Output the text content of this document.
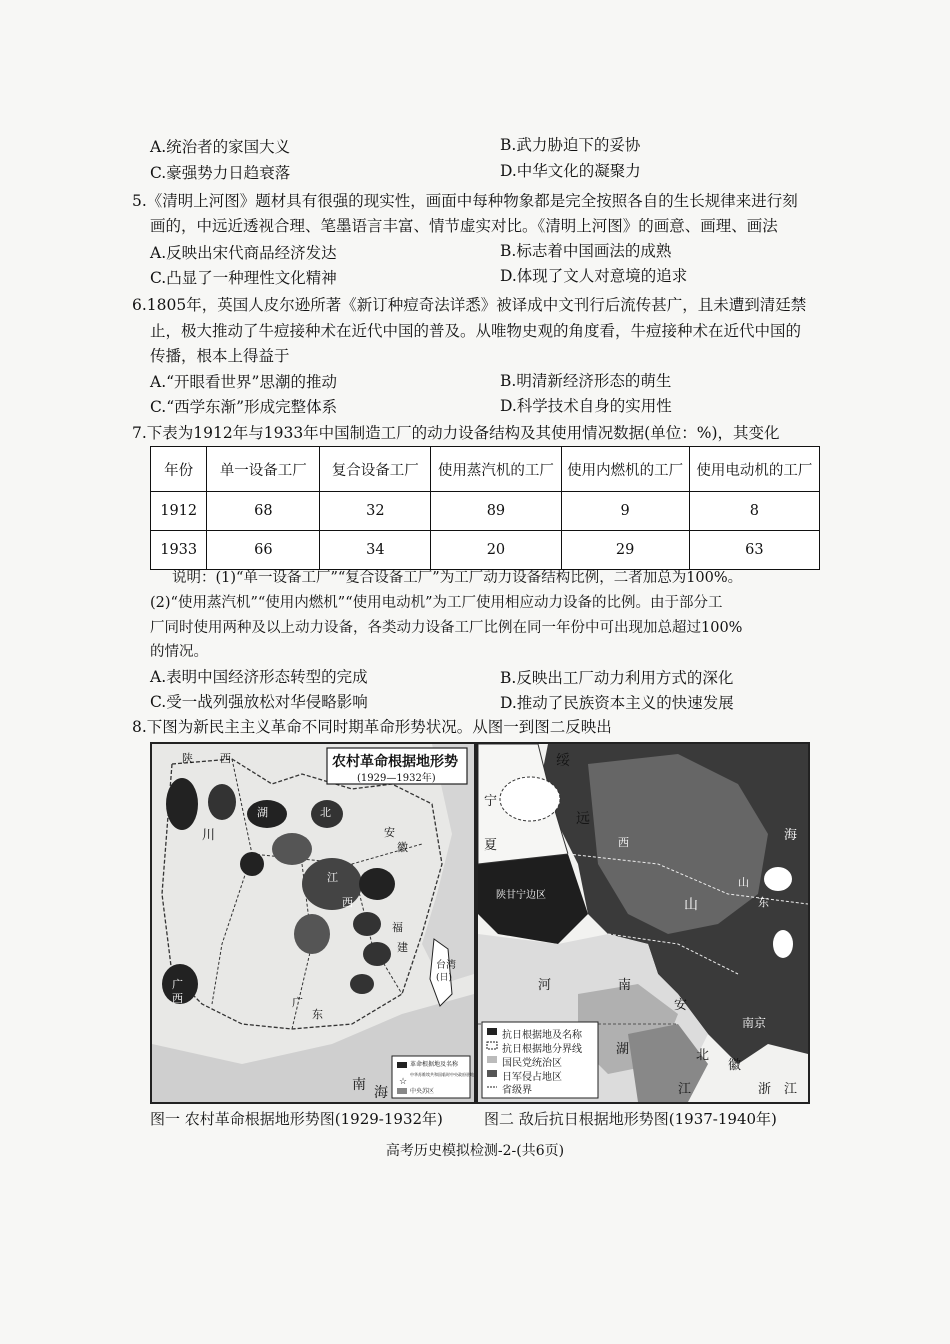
A.统治者的家国大义	B.武力胁迫下的妥协
C.豪强势力日趋衰落	D.中华文化的凝聚力
5.《清明上河图》题材具有很强的现实性，画面中每种物象都是完全按照各自的生长规律来进行刻
画的，中远近透视合理、笔墨语言丰富、情节虚实对比。《清明上河图》的画意、画理、画法
A.反映出宋代商品经济发达	B.标志着中国画法的成熟
C.凸显了一种理性文化精神	D.体现了文人对意境的追求
6.1805年，英国人皮尔逊所著《新订种痘奇法详悉》被译成中文刊行后流传甚广，且未遭到清廷禁
止，极大推动了牛痘接种术在近代中国的普及。从唯物史观的角度看，牛痘接种术在近代中国的
传播，根本上得益于
A.“开眼看世界”思潮的推动	B.明清新经济形态的萌生
C.“西学东渐”形成完整体系	D.科学技术自身的实用性
7.下表为1912年与1933年中国制造工厂的动力设备结构及其使用情况数据(单位：%)，其变化
年份	单一设备工厂	复合设备工厂	使用蒸汽机的工厂	使用内燃机的工厂	使用电动机的工厂
1912	68	32	89	9	8
1933	66	34	20	29	63
说明：(1)“单一设备工厂”“复合设备工厂”为工厂动力设备结构比例，二者加总为100%。
(2)“使用蒸汽机”“使用内燃机”“使用电动机”为工厂使用相应动力设备的比例。由于部分工
厂同时使用两种及以上动力设备，各类动力设备工厂比例在同一年份中可出现加总超过100%
的情况。
A.表明中国经济形态转型的完成	B.反映出工厂动力利用方式的深化
C.受一战列强放松对华侵略影响	D.推动了民族资本主义的快速发展
8.下图为新民主主义革命不同时期革命形势状况。从图一到图二反映出
☆
农村革命根据地形势
(1929—1932年)
陕 西
川
湖	北
安
徽
江
西
福
建
广
东
广
西
南 海
台湾
(日)
革命根据地及名称
中华苏维埃共和国临时中央政府驻地
中央苏区
绥
远
宁
夏
陕甘宁边区
山
西
河	南
山
东
安
徽
湖	北
江	浙 江
南京
海
抗日根据地及名称
抗日根据地分界线
国民党统治区
日军侵占地区
省级界
图一 农村革命根据地形势图(1929-1932年)	图二 敌后抗日根据地形势图(1937-1940年)
高考历史模拟检测-2-(共6页)
